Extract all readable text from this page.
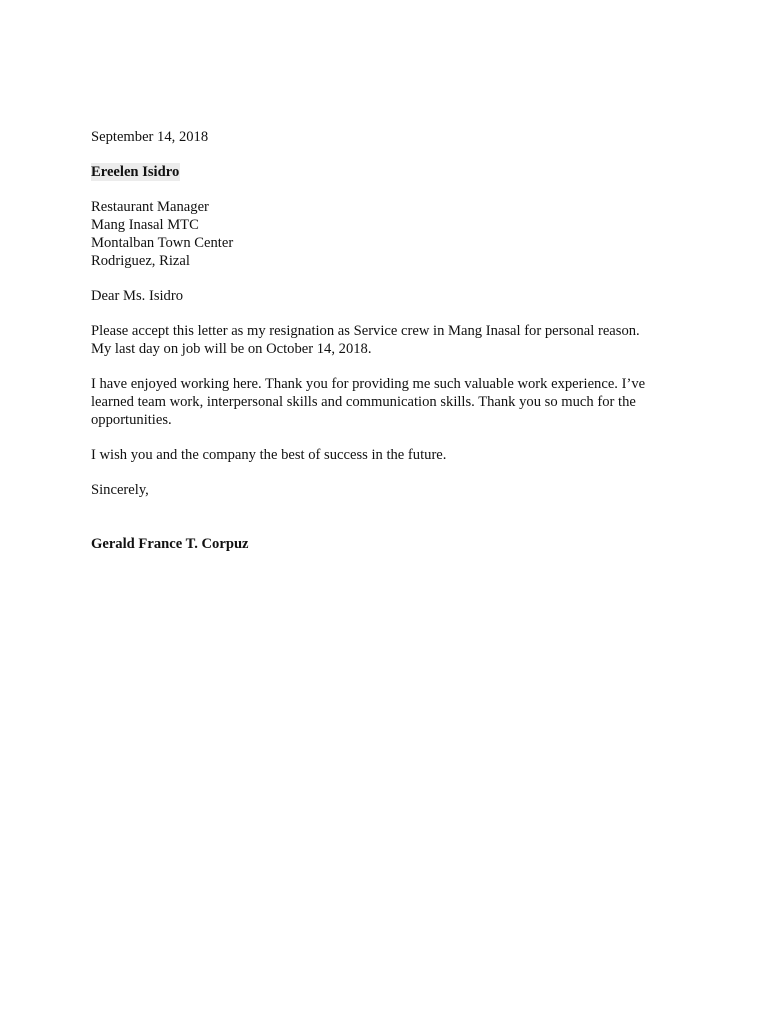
September 14, 2018

Ereelen Isidro

Restaurant Manager

Mang Inasal MTC

Montalban Town Center

Rodriguez, Rizal

Dear Ms. Isidro

Please accept this letter as my resignation as Service crew in Mang Inasal for personal reason.

My last day on job will be on October 14, 2018.

I have enjoyed working here. Thank you for providing me such valuable work experience. I’ve

learned team work, interpersonal skills and communication skills. Thank you so much for the

opportunities.

I wish you and the company the best of success in the future.

Sincerely,

Gerald France T. Corpuz
